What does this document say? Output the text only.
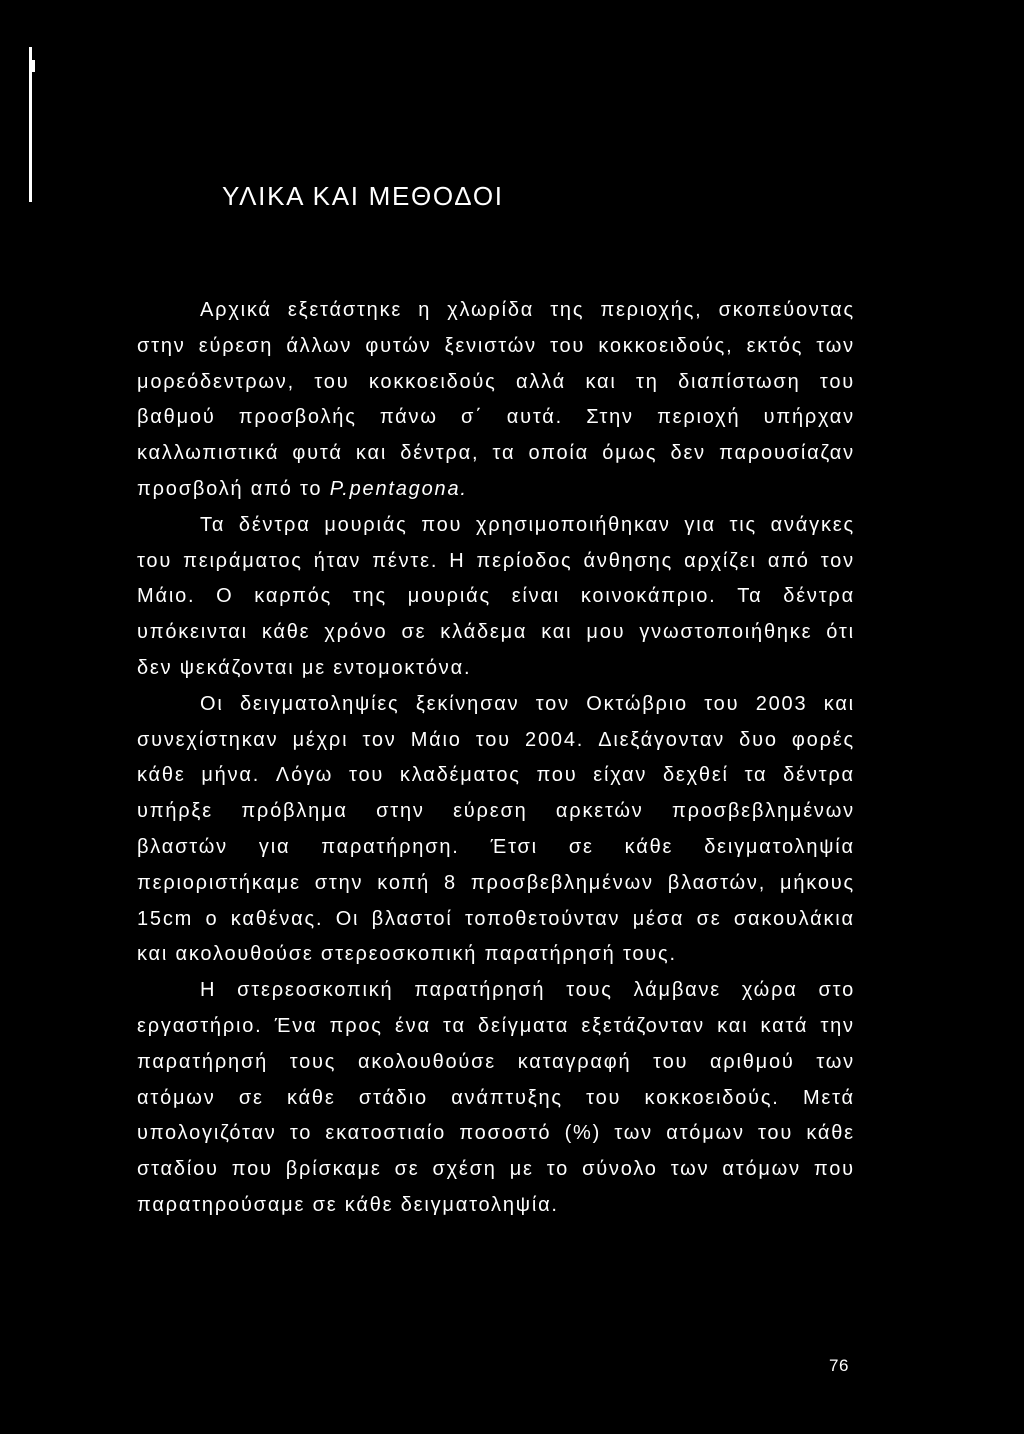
ΥΛΙΚΑ ΚΑΙ ΜΕΘΟΔΟΙ
Αρχικά εξετάστηκε η χλωρίδα της περιοχής, σκοπεύοντας
στην εύρεση άλλων φυτών ξενιστών του κοκκοειδούς, εκτός των
μορεόδεντρων, του κοκκοειδούς αλλά και τη διαπίστωση του
βαθμού προσβολής πάνω σ΄ αυτά. Στην περιοχή υπήρχαν
καλλωπιστικά φυτά και δέντρα, τα οποία όμως δεν παρουσίαζαν
προσβολή από το P.pentagona.
Τα δέντρα μουριάς που χρησιμοποιήθηκαν για τις ανάγκες
του πειράματος ήταν πέντε. Η περίοδος άνθησης αρχίζει από τον
Μάιο. Ο καρπός της μουριάς είναι κοινοκάπριο. Τα δέντρα
υπόκεινται κάθε χρόνο σε κλάδεμα και μου γνωστοποιήθηκε ότι
δεν ψεκάζονται με εντομοκτόνα.
Οι δειγματοληψίες ξεκίνησαν τον Οκτώβριο του 2003 και
συνεχίστηκαν μέχρι τον Μάιο του 2004. Διεξάγονταν δυο φορές
κάθε μήνα. Λόγω του κλαδέματος που είχαν δεχθεί τα δέντρα
υπήρξε πρόβλημα στην εύρεση αρκετών προσβεβλημένων
βλαστών για παρατήρηση. Έτσι σε κάθε δειγματοληψία
περιοριστήκαμε στην κοπή 8 προσβεβλημένων βλαστών, μήκους
15cm ο καθένας. Οι βλαστοί τοποθετούνταν μέσα σε σακουλάκια
και ακολουθούσε στερεοσκοπική παρατήρησή τους.
Η στερεοσκοπική παρατήρησή τους λάμβανε χώρα στο
εργαστήριο. Ένα προς ένα τα δείγματα εξετάζονταν και κατά την
παρατήρησή τους ακολουθούσε καταγραφή του αριθμού των
ατόμων σε κάθε στάδιο ανάπτυξης του κοκκοειδούς. Μετά
υπολογιζόταν το εκατοστιαίο ποσοστό (%) των ατόμων του κάθε
σταδίου που βρίσκαμε σε σχέση με το σύνολο των ατόμων που
παρατηρούσαμε σε κάθε δειγματοληψία.
76
